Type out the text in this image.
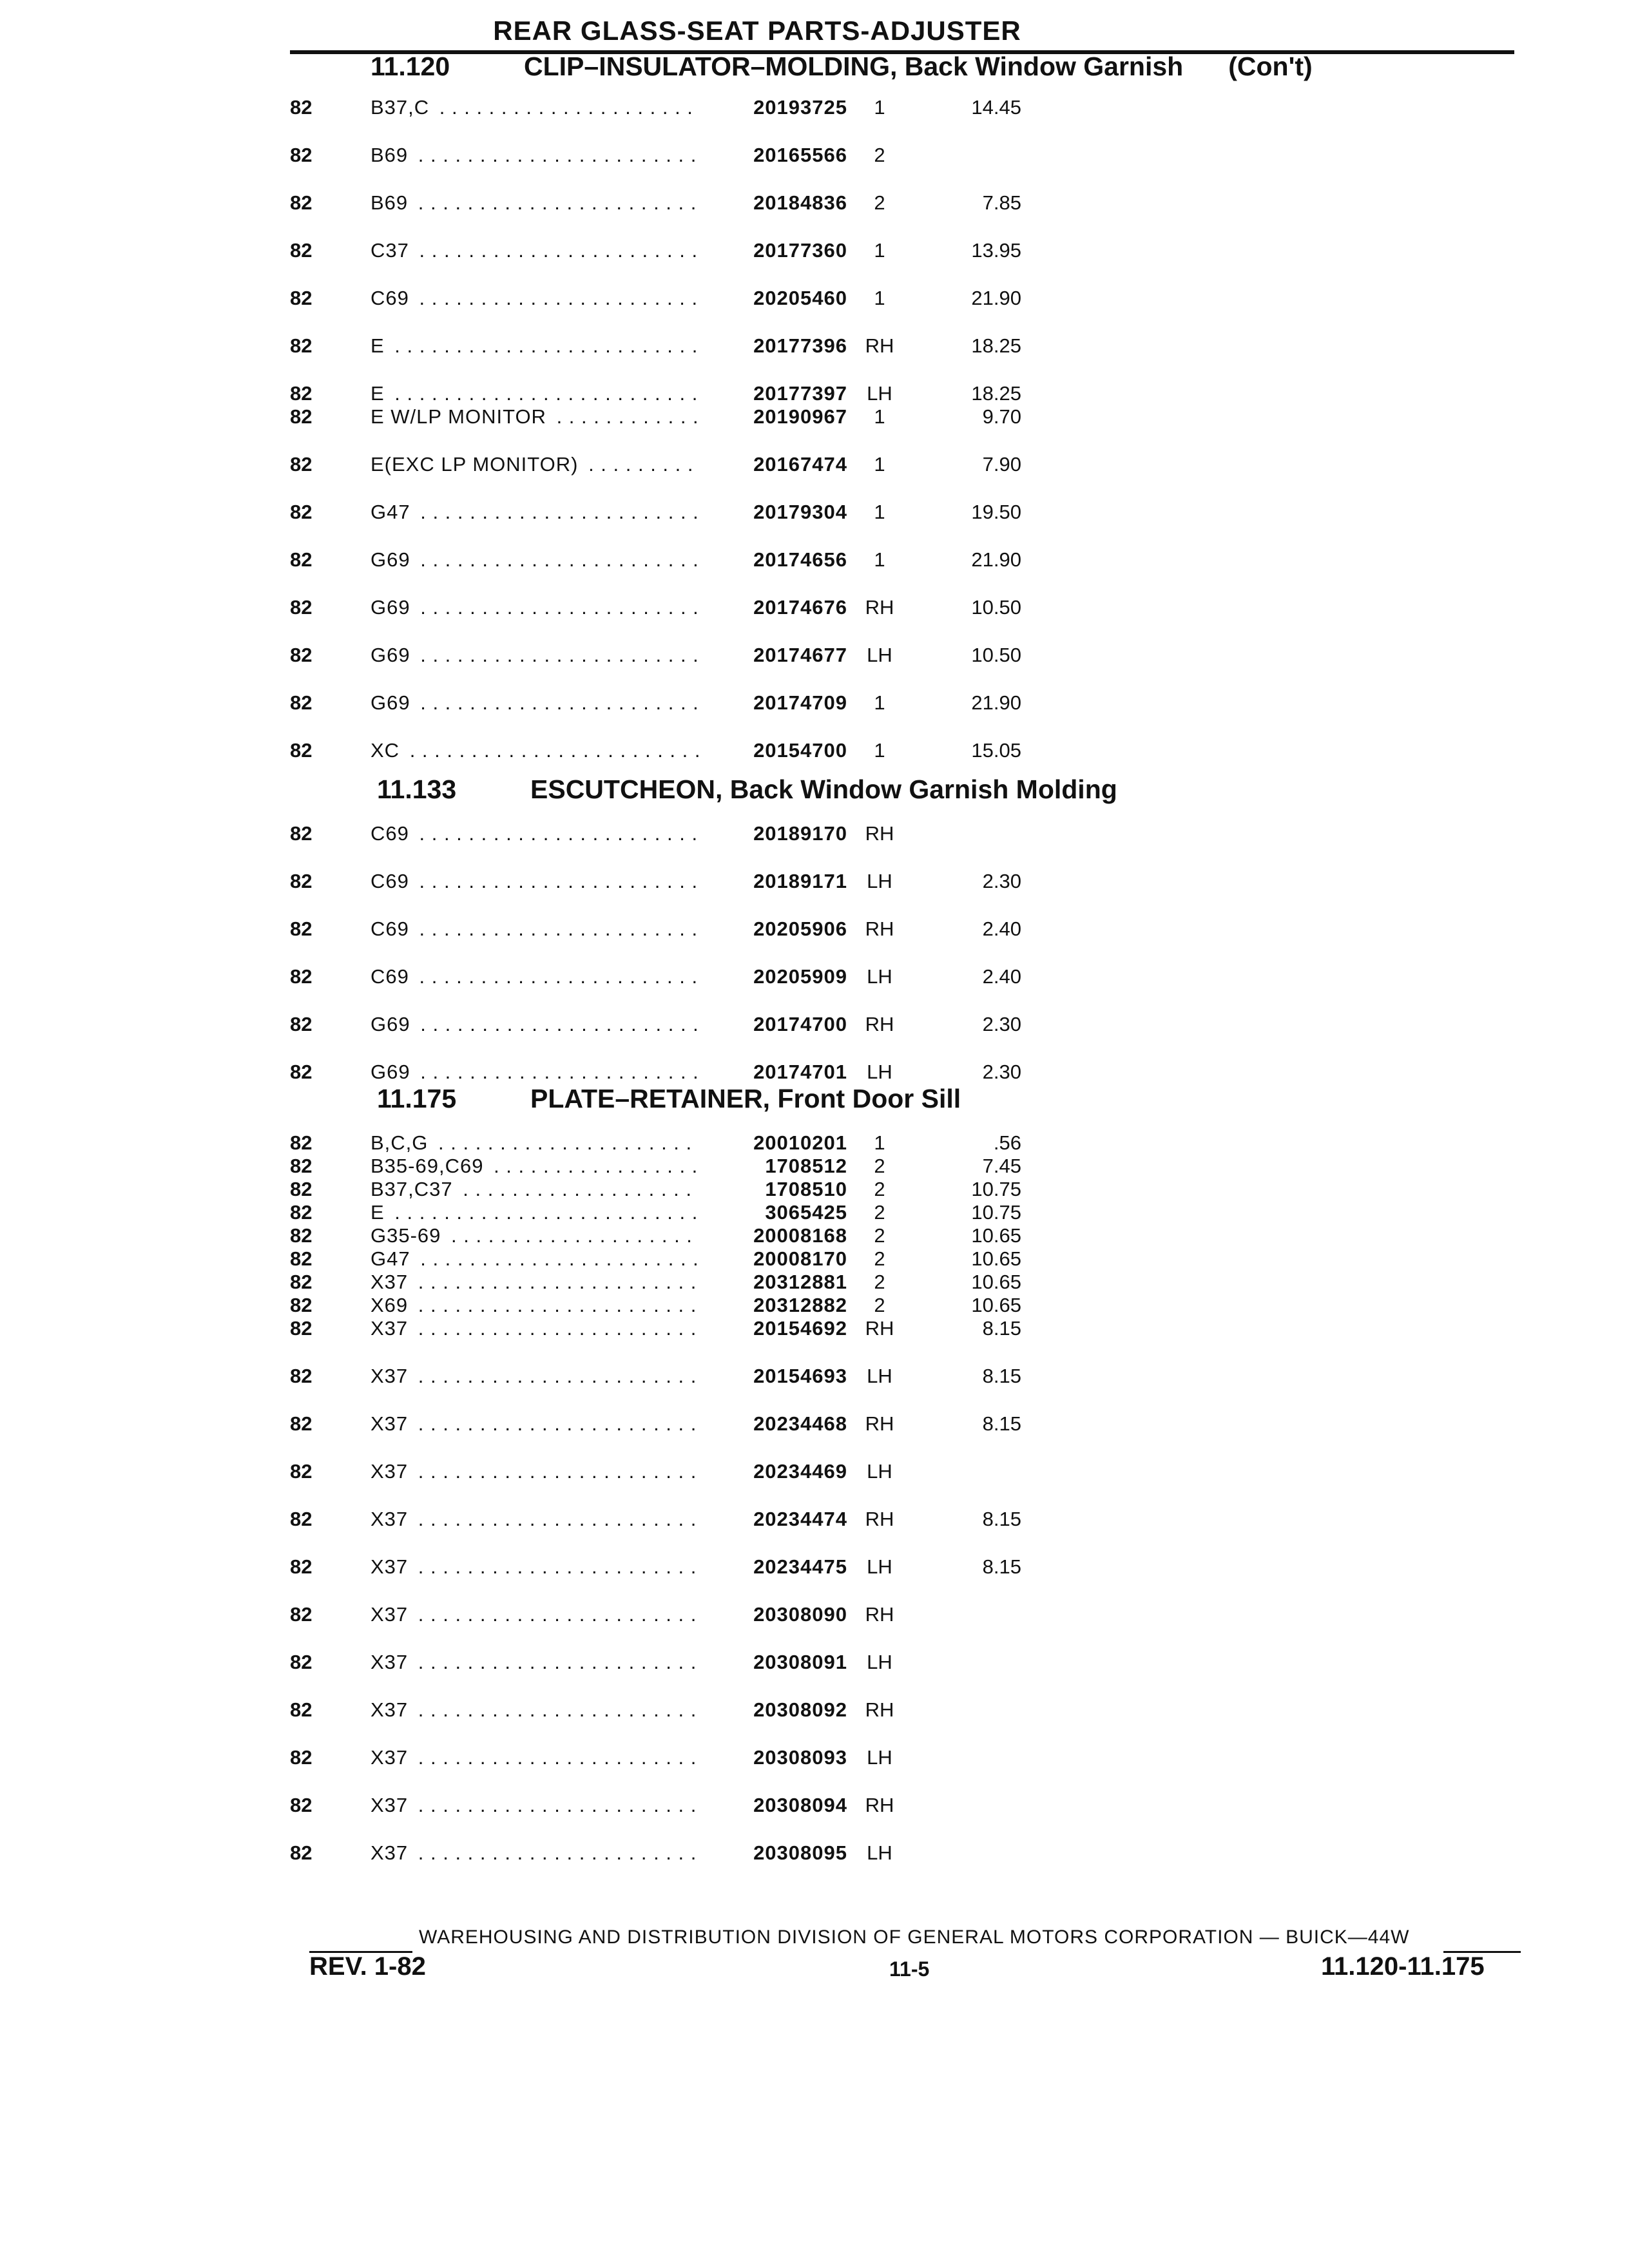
REAR GLASS-SEAT PARTS-ADJUSTER
11.120	CLIP–INSULATOR–MOLDING, Back Window Garnish (Con't)
82	B37,C . . .	20193725	1	14.45
82	B69 . . .	20165566	2
82	B69 . . .	20184836	2	7.85
82	C37 . . .	20177360	1	13.95
82	C69 . . .	20205460	1	21.90
82	E . . .	20177396 RH	18.25
82	E . . .	20177397 LH	18.25
82	E W/LP MONITOR . . .	20190967	1	9.70
82	E(EXC LP MONITOR) . . .	20167474	1	7.90
82	G47 . . .	20179304	1	19.50
82	G69 . . .	20174656	1	21.90
82	G69 . . .	20174676 RH	10.50
82	G69 . . .	20174677 LH	10.50
82	G69 . . .	20174709	1	21.90
82	XC . . .	20154700	1	15.05
11.133	ESCUTCHEON, Back Window Garnish Molding
82	C69 . . .	20189170 RH
82	C69 . . .	20189171 LH	2.30
82	C69 . . .	20205906 RH	2.40
82	C69 . . .	20205909 LH	2.40
82	G69 . . .	20174700 RH	2.30
82	G69 . . .	20174701 LH	2.30
11.175	PLATE–RETAINER, Front Door Sill
82	B,C,G . . .	20010201	1	.56
82	B35-69,C69 . . .	1708512	2	7.45
82	B37,C37 . . .	1708510	2	10.75
82	E . . .	3065425	2	10.75
82	G35-69 . . .	20008168	2	10.65
82	G47 . . .	20008170	2	10.65
82	X37 . . .	20312881	2	10.65
82	X69 . . .	20312882	2	10.65
82	X37 . . .	20154692 RH	8.15
82	X37 . . .	20154693 LH	8.15
82	X37 . . .	20234468 RH	8.15
82	X37 . . .	20234469 LH
82	X37 . . .	20234474 RH	8.15
82	X37 . . .	20234475 LH	8.15
82	X37 . . .	20308090 RH
82	X37 . . .	20308091 LH
82	X37 . . .	20308092 RH
82	X37 . . .	20308093 LH
82	X37 . . .	20308094 RH
82	X37 . . .	20308095 LH
WAREHOUSING AND DISTRIBUTION DIVISION OF GENERAL MOTORS CORPORATION — BUICK—44W
REV. 1-82	11-5	11.120-11.175
